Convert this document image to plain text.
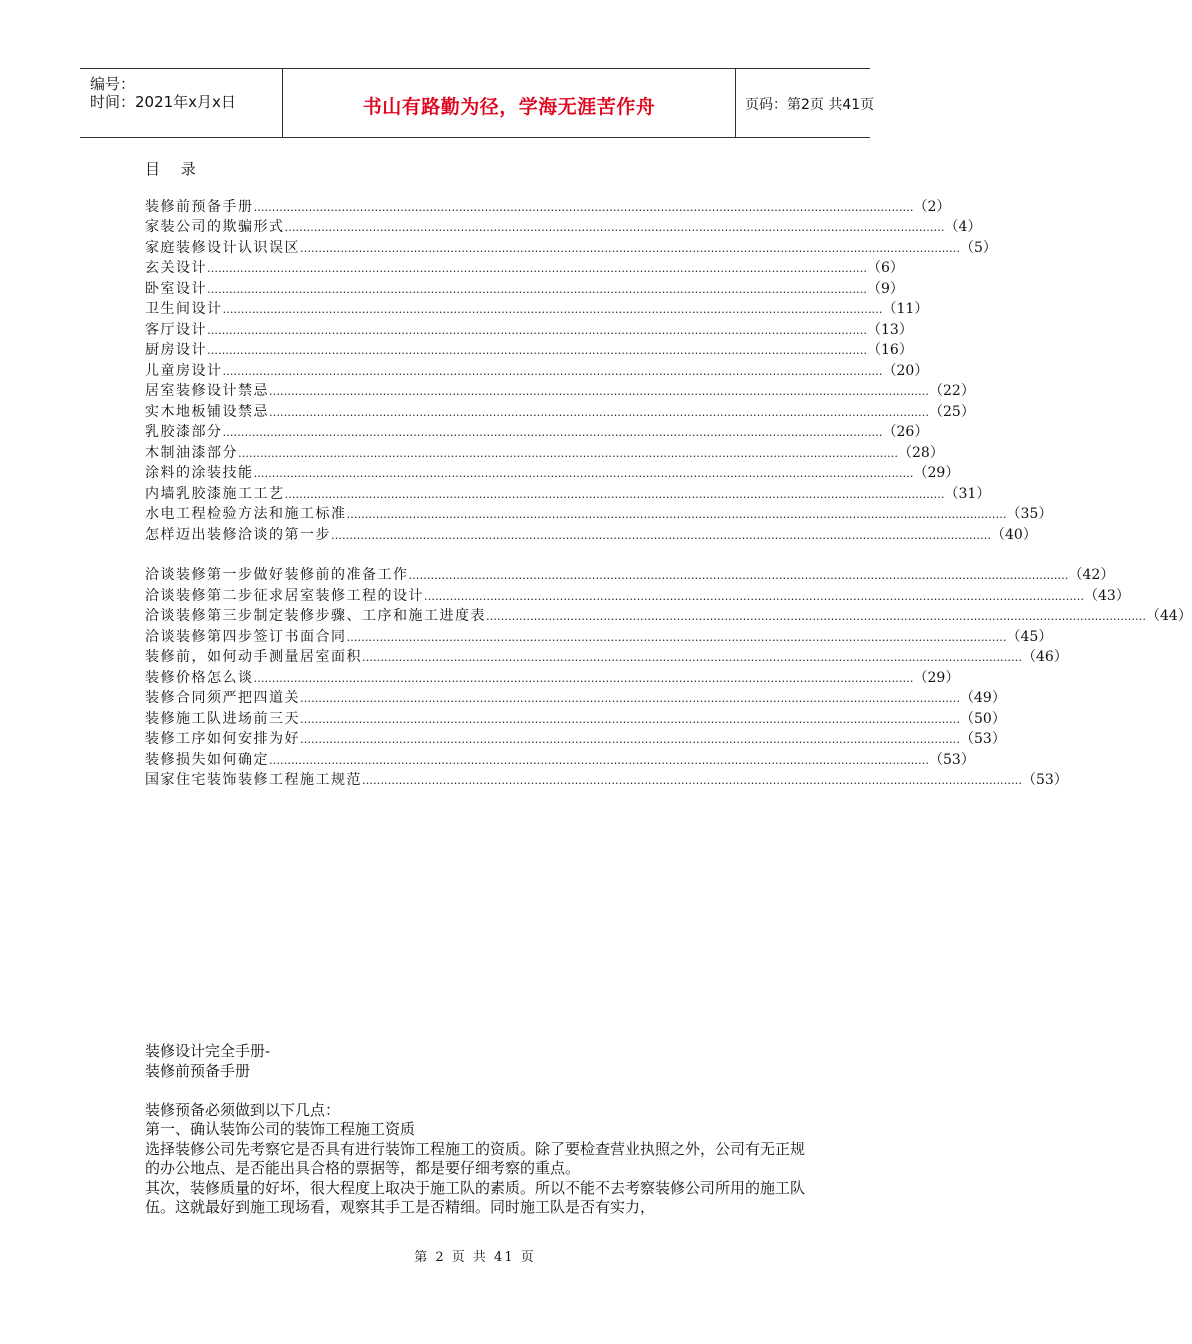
编号：
时间：2021年x月x日	书山有路勤为径，学海无涯苦作舟	页码：第2页 共41页
目 录
装修前预备手册 ……………………………………………………………………………………………………………………………………………………………… （2）
家装公司的欺骗形式 ……………………………………………………………………………………………………………………………………………………………… （4）
家庭装修设计认识误区 ……………………………………………………………………………………………………………………………………………………………… （5）
玄关设计 ……………………………………………………………………………………………………………………………………………………………… （6）
卧室设计 ……………………………………………………………………………………………………………………………………………………………… （9）
卫生间设计 ……………………………………………………………………………………………………………………………………………………………… （11）
客厅设计 ……………………………………………………………………………………………………………………………………………………………… （13）
厨房设计 ……………………………………………………………………………………………………………………………………………………………… （16）
儿童房设计 ……………………………………………………………………………………………………………………………………………………………… （20）
居室装修设计禁忌 ……………………………………………………………………………………………………………………………………………………………… （22）
实木地板铺设禁忌 ……………………………………………………………………………………………………………………………………………………………… （25）
乳胶漆部分 ……………………………………………………………………………………………………………………………………………………………… （26）
木制油漆部分 ……………………………………………………………………………………………………………………………………………………………… （28）
涂料的涂装技能 ……………………………………………………………………………………………………………………………………………………………… （29）
内墙乳胶漆施工工艺 ……………………………………………………………………………………………………………………………………………………………… （31）
水电工程检验方法和施工标准 ……………………………………………………………………………………………………………………………………………………………… （35）
怎样迈出装修洽谈的第一步 ……………………………………………………………………………………………………………………………………………………………… （40）
洽谈装修第一步做好装修前的准备工作 ……………………………………………………………………………………………………………………………………………………………… （42）
洽谈装修第二步征求居室装修工程的设计 ……………………………………………………………………………………………………………………………………………………………… （43）
洽谈装修第三步制定装修步骤、工序和施工进度表 ……………………………………………………………………………………………………………………………………………………………… （44）
洽谈装修第四步签订书面合同 ……………………………………………………………………………………………………………………………………………………………… （45）
装修前，如何动手测量居室面积 ……………………………………………………………………………………………………………………………………………………………… （46）
装修价格怎么谈 ……………………………………………………………………………………………………………………………………………………………… （29）
装修合同须严把四道关 ……………………………………………………………………………………………………………………………………………………………… （49）
装修施工队进场前三天 ……………………………………………………………………………………………………………………………………………………………… （50）
装修工序如何安排为好 ……………………………………………………………………………………………………………………………………………………………… （53）
装修损失如何确定 ……………………………………………………………………………………………………………………………………………………………… （53）
国家住宅装饰装修工程施工规范 ……………………………………………………………………………………………………………………………………………………………… （53）

装修设计完全手册-

装修前预备手册

装修预备必须做到以下几点：

第一、确认装饰公司的装饰工程施工资质

选择装修公司先考察它是否具有进行装饰工程施工的资质。除了要检查营业执照之外，公司有无正规的办公地点、是否能出具合格的票据等，都是要仔细考察的重点。

其次，装修质量的好坏，很大程度上取决于施工队的素质。所以不能不去考察装修公司所用的施工队伍。这就最好到施工现场看，观察其手工是否精细。同时施工队是否有实力，

第 2 页 共 41 页
